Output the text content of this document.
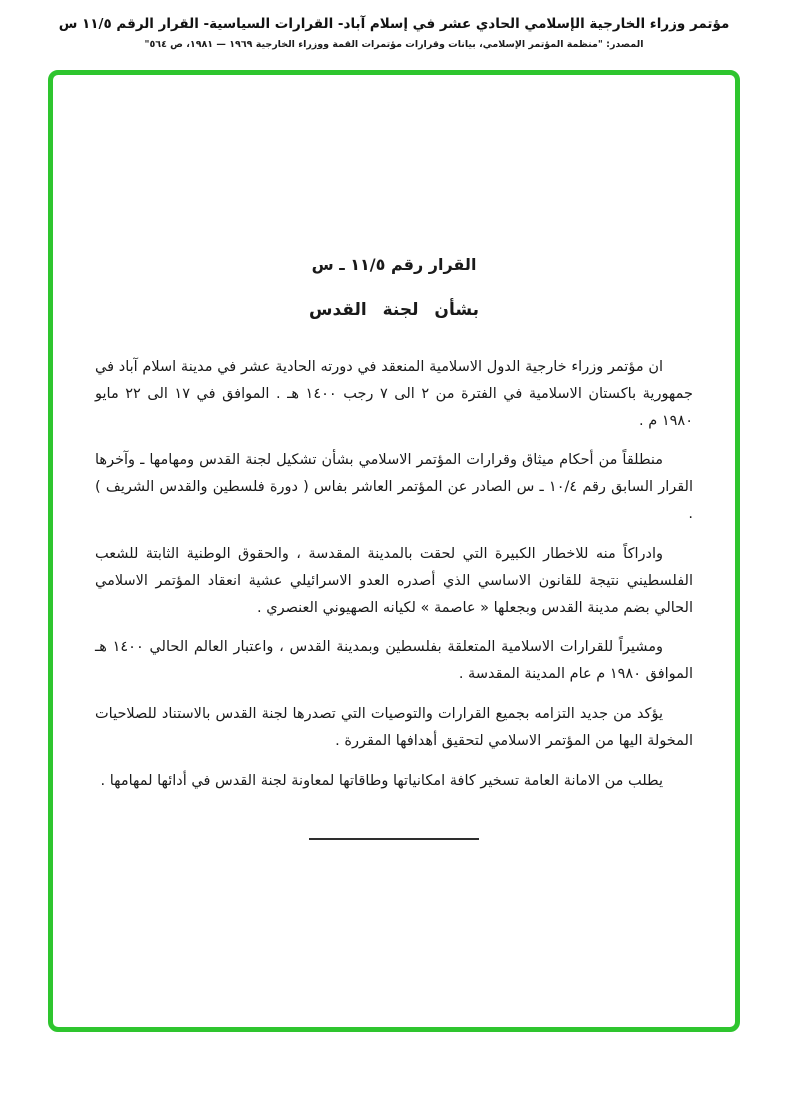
مؤتمر وزراء الخارجية الإسلامي الحادي عشر في إسلام آباد- القرارات السياسية- القرار الرقم ١١/٥ س
المصدر: "منظمة المؤتمر الإسلامي، بيانات وقرارات مؤتمرات القمة ووزراء الخارجية ١٩٦٩ — ١٩٨١، ص ٥٦٤"
القرار رقم ١١/٥ ـ س
بشأن لجنة القدس

ان مؤتمر وزراء خارجية الدول الاسلامية المنعقد في دورته الحادية عشر في مدينة اسلام آباد في جمهورية باكستان الاسلامية في الفترة من ٢ الى ٧ رجب ١٤٠٠ هـ . الموافق في ١٧ الى ٢٢ مايو ١٩٨٠ م .

منطلقاً من أحكام ميثاق وقرارات المؤتمر الاسلامي بشأن تشكيل لجنة القدس ومهامها ـ وآخرها القرار السابق رقم ١٠/٤ ـ س الصادر عن المؤتمر العاشر بفاس ( دورة فلسطين والقدس الشريف ) .

وادراكاً منه للاخطار الكبيرة التي لحقت بالمدينة المقدسة ، والحقوق الوطنية الثابتة للشعب الفلسطيني نتيجة للقانون الاساسي الذي أصدره العدو الاسرائيلي عشية انعقاد المؤتمر الاسلامي الحالي بضم مدينة القدس وبجعلها « عاصمة » لكيانه الصهيوني العنصري .

ومشيراً للقرارات الاسلامية المتعلقة بفلسطين وبمدينة القدس ، واعتبار العالم الحالي ١٤٠٠ هـ الموافق ١٩٨٠ م عام المدينة المقدسة .

يؤكد من جديد التزامه بجميع القرارات والتوصيات التي تصدرها لجنة القدس بالاستناد للصلاحيات المخولة اليها من المؤتمر الاسلامي لتحقيق أهدافها المقررة .

يطلب من الامانة العامة تسخير كافة امكانياتها وطاقاتها لمعاونة لجنة القدس في أدائها لمهامها .
